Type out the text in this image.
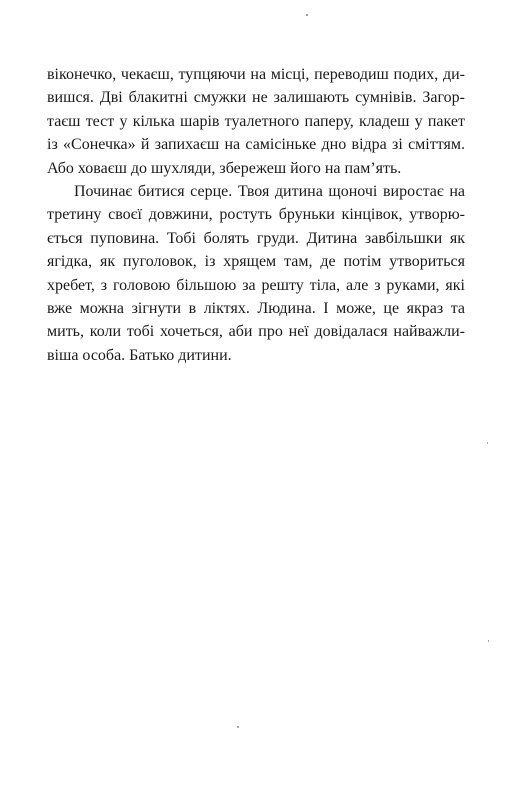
віконечко, чекаєш, тупцяючи на місці, переводиш подих, ди-
вишся. Дві блакитні смужки не залишають сумнівів. Загор-
таєш тест у кілька шарів туалетного паперу, кладеш у пакет
із «Сонечка» й запихаєш на самісіньке дно відра зі сміттям.
Або ховаєш до шухляди, збережеш його на пам’ять.

Починає битися серце. Твоя дитина щоночі виростає на
третину своєї довжини, ростуть бруньки кінцівок, утворю-
ється пуповина. Тобі болять груди. Дитина завбільшки як
ягідка, як пуголовок, із хрящем там, де потім утвориться
хребет, з головою більшою за решту тіла, але з руками, які
вже можна зігнути в ліктях. Людина. І може, це якраз та
мить, коли тобі хочеться, аби про неї довідалася найважли-
віша особа. Батько дитини.
